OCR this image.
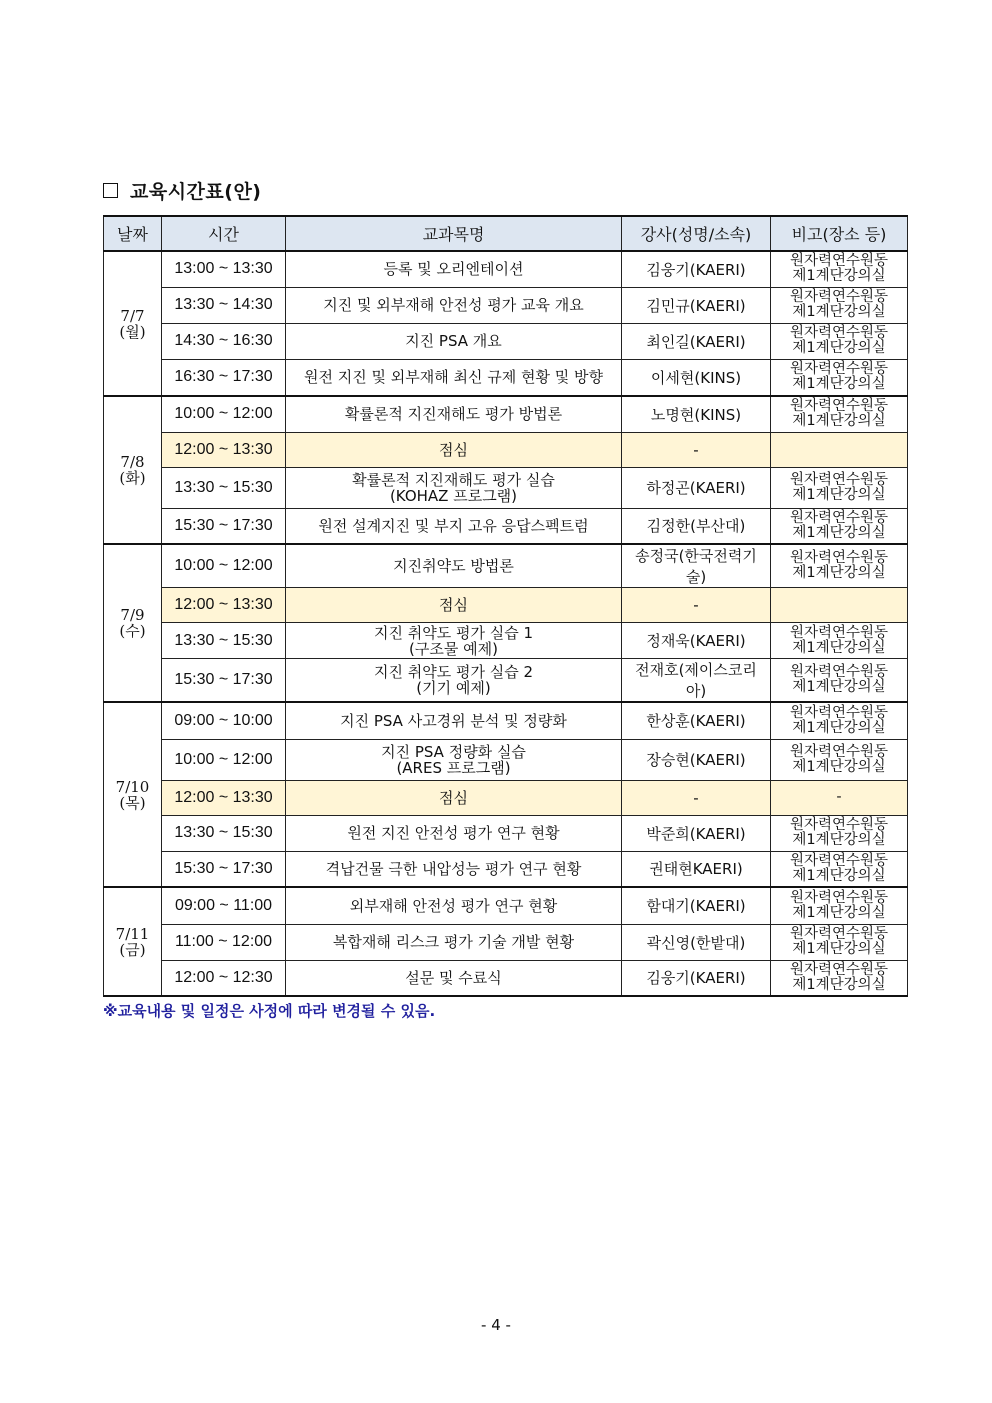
교육시간표(안)
날짜	시간	교과목명	강사(성명/소속)	비고(장소 등)
7/7
(월)	13:00 ~ 13:30	등록 및 오리엔테이션	김웅기(KAERI)	원자력연수원동
제1계단강의실
	13:30 ~ 14:30	지진 및 외부재해 안전성 평가 교육 개요	김민규(KAERI)	원자력연수원동
제1계단강의실
	14:30 ~ 16:30	지진 PSA 개요	최인길(KAERI)	원자력연수원동
제1계단강의실
	16:30 ~ 17:30	원전 지진 및 외부재해 최신 규제 현황 및 방향	이세현(KINS)	원자력연수원동
제1계단강의실
7/8
(화)	10:00 ~ 12:00	확률론적 지진재해도 평가 방법론	노명현(KINS)	원자력연수원동
제1계단강의실
	12:00 ~ 13:30	점심	-	
	13:30 ~ 15:30	확률론적 지진재해도 평가 실습
(KOHAZ 프로그램)	하정곤(KAERI)	원자력연수원동
제1계단강의실
	15:30 ~ 17:30	원전 설계지진 및 부지 고유 응답스펙트럼	김정한(부산대)	원자력연수원동
제1계단강의실
7/9
(수)	10:00 ~ 12:00	지진취약도 방법론	송정국(한국전력기술)	원자력연수원동
제1계단강의실
	12:00 ~ 13:30	점심	-	
	13:30 ~ 15:30	지진 취약도 평가 실습 1
(구조물 예제)	정재욱(KAERI)	원자력연수원동
제1계단강의실
	15:30 ~ 17:30	지진 취약도 평가 실습 2
(기기 예제)	전재호(제이스코리아)	원자력연수원동
제1계단강의실
7/10
(목)	09:00 ~ 10:00	지진 PSA 사고경위 분석 및 정량화	한상훈(KAERI)	원자력연수원동
제1계단강의실
	10:00 ~ 12:00	지진 PSA 정량화 실습
(ARES 프로그램)	장승현(KAERI)	원자력연수원동
제1계단강의실
	12:00 ~ 13:30	점심	-	-
	13:30 ~ 15:30	원전 지진 안전성 평가 연구 현황	박준희(KAERI)	원자력연수원동
제1계단강의실
	15:30 ~ 17:30	격납건물 극한 내압성능 평가 연구 현황	권태현KAERI)	원자력연수원동
제1계단강의실
7/11
(금)	09:00 ~ 11:00	외부재해 안전성 평가 연구 현황	함대기(KAERI)	원자력연수원동
제1계단강의실
	11:00 ~ 12:00	복합재해 리스크 평가 기술 개발 현황	곽신영(한밭대)	원자력연수원동
제1계단강의실
	12:00 ~ 12:30	설문 및 수료식	김웅기(KAERI)	원자력연수원동
제1계단강의실
※교육내용 및 일정은 사정에 따라 변경될 수 있음.
- 4 -
